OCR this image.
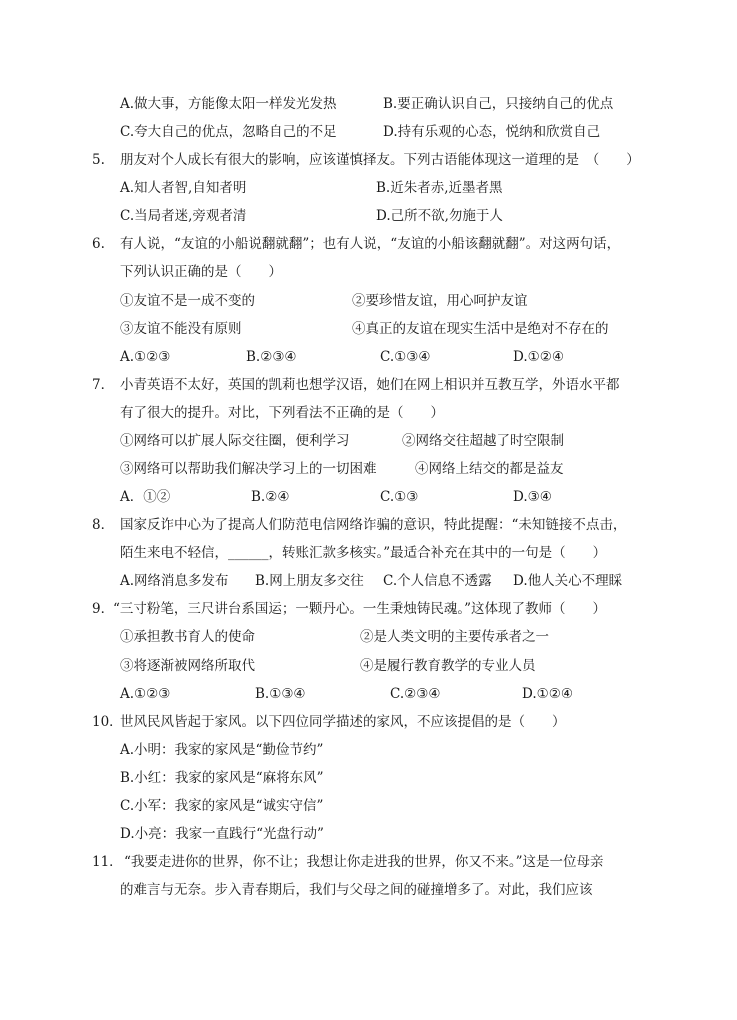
A.做大事，方能像太阳一样发光发热	B.要正确认识自己，只接纳自己的优点
C.夸大自己的优点，忽略自己的不足	D.持有乐观的心态，悦纳和欣赏自己
5. 朋友对个人成长有很大的影响，应该谨慎择友。下列古语能体现这一道理的是　（　　）
A.知人者智,自知者明	B.近朱者赤,近墨者黑
C.当局者迷,旁观者清	D.己所不欲,勿施于人
6. 有人说，“友谊的小船说翻就翻”；也有人说，“友谊的小船该翻就翻”。对这两句话，
下列认识正确的是（　　）
①友谊不是一成不变的	②要珍惜友谊，用心呵护友谊
③友谊不能没有原则	④真正的友谊在现实生活中是绝对不存在的
A.①②③	B.②③④	C.①③④	D.①②④
7． 小青英语不太好，英国的凯莉也想学汉语，她们在网上相识并互教互学，外语水平都
有了很大的提升。对比，下列看法不正确的是（　　）
①网络可以扩展人际交往圈，便利学习	②网络交往超越了时空限制
③网络可以帮助我们解决学习上的一切困难	④网络上结交的都是益友
A．①②	B.②④	C.①③	D.③④
8． 国家反诈中心为了提高人们防范电信网络诈骗的意识，特此提醒：“未知链接不点击，
陌生来电不轻信，______，转账汇款多核实。”最适合补充在其中的一句是（　　）
A.网络消息多发布 B.网上朋友多交往 C.个人信息不透露 D.他人关心不理睬
9．
“三寸粉笔，三尺讲台系国运；一颗丹心。一生秉烛铸民魂。”这体现了教师（　　）
①承担教书育人的使命	②是人类文明的主要传承者之一
③将逐渐被网络所取代	④是履行教育教学的专业人员
A.①②③	B.①③④	C.②③④	D.①②④
10．
世风民风皆起于家风。以下四位同学描述的家风，不应该提倡的是（　　）
A.小明：我家的家风是“勤俭节约”
B.小红：我家的家风是“麻将东风”
C.小军：我家的家风是“诚实守信”
D.小亮：我家一直践行“光盘行动”
11． “我要走进你的世界，你不让；我想让你走进我的世界，你又不来。”这是一位母亲
的难言与无奈。步入青春期后，我们与父母之间的碰撞增多了。对此，我们应该
